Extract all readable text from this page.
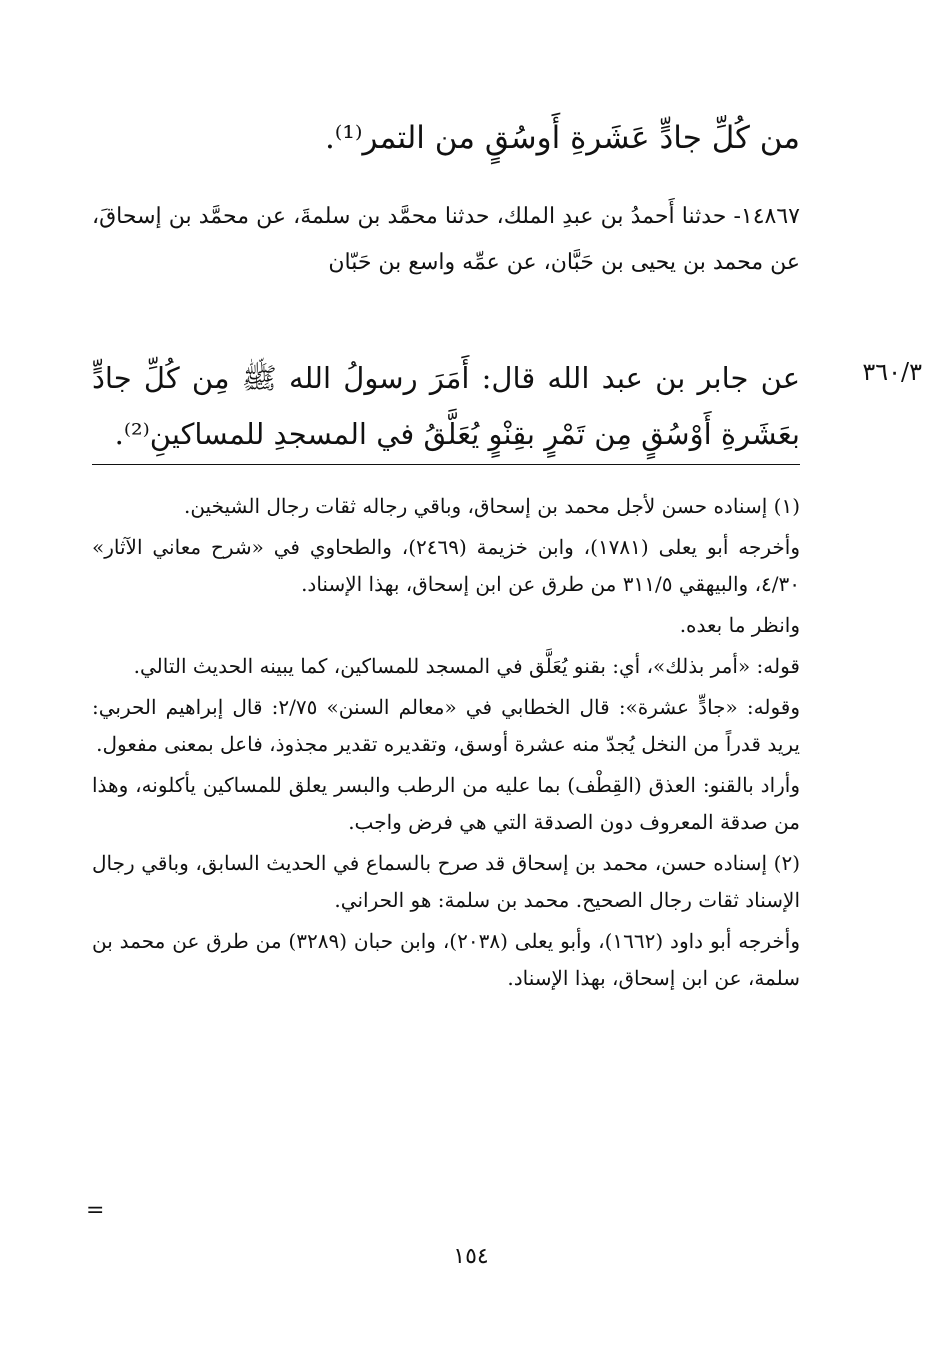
من كُلِّ جادٍّ عَشَرةِ أَوسُقٍ من التمر⁽¹⁾.
١٤٨٦٧- حدثنا أَحمدُ بن عبدِ الملك، حدثنا محمَّد بن سلمةَ، عن محمَّد بن إسحاقَ، عن محمد بن يحيى بن حَبَّان، عن عمِّه واسع بن حَبّان
٣٦٠/٣
عن جابر بن عبد الله قال: أَمَرَ رسولُ الله ﷺ مِن كُلِّ جادٍّ بعَشَرةِ أَوْسُقٍ مِن تَمْرٍ بقِنْوٍ يُعَلَّقُ في المسجدِ للمساكينِ⁽²⁾.

(١) إسناده حسن لأجل محمد بن إسحاق، وباقي رجاله ثقات رجال الشيخين.

وأخرجه أبو يعلى (١٧٨١)، وابن خزيمة (٢٤٦٩)، والطحاوي في «شرح معاني الآثار» ٤/٣٠، والبيهقي ٣١١/٥ من طرق عن ابن إسحاق، بهذا الإسناد.

وانظر ما بعده.

قوله: «أمر بذلك»، أي: بقنو يُعَلَّق في المسجد للمساكين، كما يبينه الحديث التالي.

وقوله: «جادٍّ عشرة»: قال الخطابي في «معالم السنن» ٢/٧٥: قال إبراهيم الحربي: يريد قدراً من النخل يُجدّ منه عشرة أوسق، وتقديره تقدير مجذوذ، فاعل بمعنى مفعول.

وأراد بالقنو: العذق (القِطْف) بما عليه من الرطب والبسر يعلق للمساكين يأكلونه، وهذا من صدقة المعروف دون الصدقة التي هي فرض واجب.

(٢) إسناده حسن، محمد بن إسحاق قد صرح بالسماع في الحديث السابق، وباقي رجال الإسناد ثقات رجال الصحيح. محمد بن سلمة: هو الحراني.

وأخرجه أبو داود (١٦٦٢)، وأبو يعلى (٢٠٣٨)، وابن حبان (٣٢٨٩) من طرق عن محمد بن سلمة، عن ابن إسحاق، بهذا الإسناد.

=
١٥٤
